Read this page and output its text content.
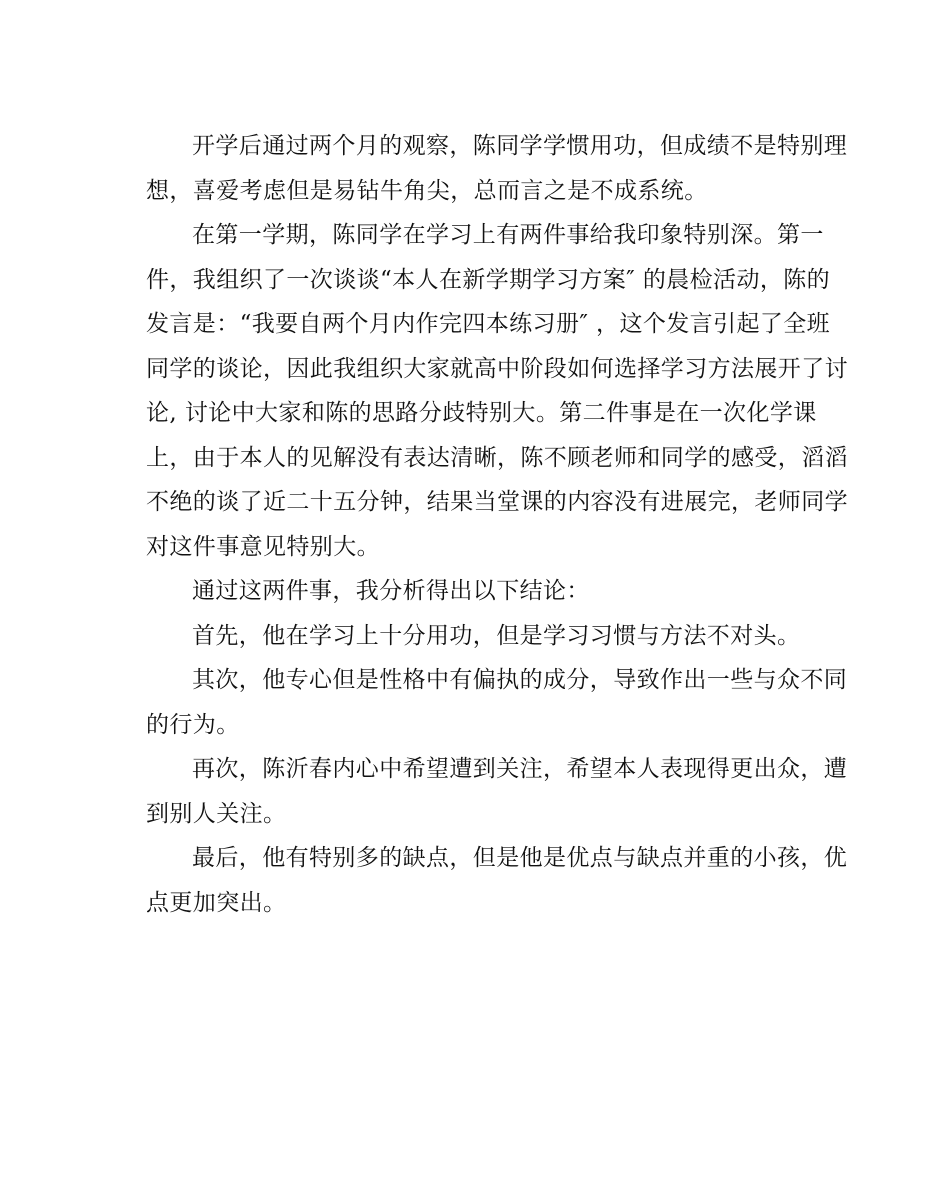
开学后通过两个月的观察，陈同学学惯用功，但成绩不是特别理
想，喜爱考虑但是易钻牛角尖，总而言之是不成系统。
在第一学期，陈同学在学习上有两件事给我印象特别深。第一
件，我组织了一次谈谈“本人在新学期学习方案″ 的晨检活动，陈的
发言是：“我要自两个月内作完四本练习册″ ，这个发言引起了全班
同学的谈论，因此我组织大家就高中阶段如何选择学习方法展开了讨
论, 讨论中大家和陈的思路分歧特别大。第二件事是在一次化学课
上，由于本人的见解没有表达清晰，陈不顾老师和同学的感受，滔滔
不绝的谈了近二十五分钟，结果当堂课的内容没有进展完，老师同学
对这件事意见特别大。
通过这两件事，我分析得出以下结论：
首先，他在学习上十分用功，但是学习习惯与方法不对头。
其次，他专心但是性格中有偏执的成分，导致作出一些与众不同
的行为。
再次，陈沂春内心中希望遭到关注，希望本人表现得更出众，遭
到别人关注。
最后，他有特别多的缺点，但是他是优点与缺点并重的小孩，优
点更加突出。
